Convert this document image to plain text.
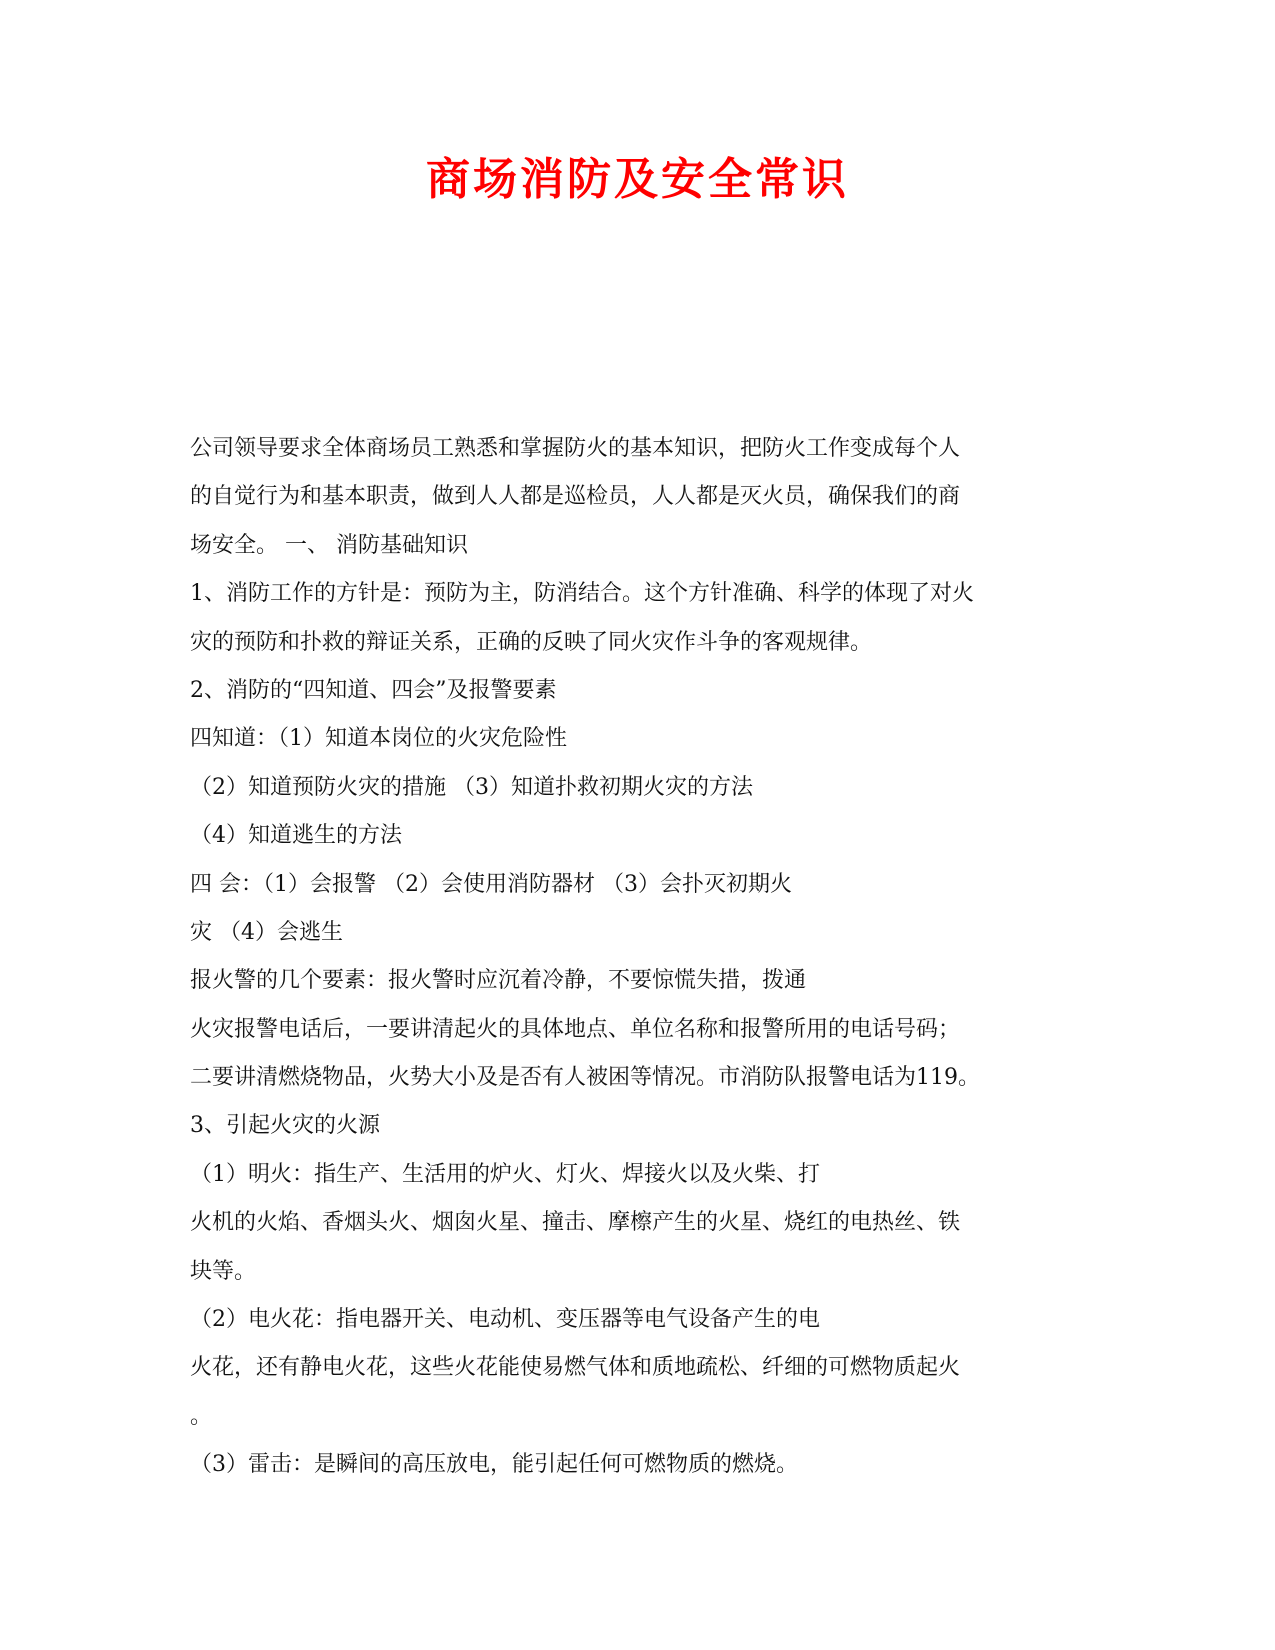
商场消防及安全常识
公司领导要求全体商场员工熟悉和掌握防火的基本知识，把防火工作变成每个人
的自觉行为和基本职责，做到人人都是巡检员，人人都是灭火员，确保我们的商
场安全。 一、 消防基础知识
1、消防工作的方针是：预防为主，防消结合。这个方针准确、科学的体现了对火
灾的预防和扑救的辩证关系，正确的反映了同火灾作斗争的客观规律。
2、消防的“四知道、四会”及报警要素
四知道：（1）知道本岗位的火灾危险性
（2）知道预防火灾的措施 （3）知道扑救初期火灾的方法
（4）知道逃生的方法
四 会：（1）会报警 （2）会使用消防器材 （3）会扑灭初期火
灾 （4）会逃生
报火警的几个要素：报火警时应沉着冷静，不要惊慌失措，拨通
火灾报警电话后，一要讲清起火的具体地点、单位名称和报警所用的电话号码；
二要讲清燃烧物品，火势大小及是否有人被困等情况。市消防队报警电话为119。
3、引起火灾的火源
（1）明火：指生产、生活用的炉火、灯火、焊接火以及火柴、打
火机的火焰、香烟头火、烟囱火星、撞击、摩檫产生的火星、烧红的电热丝、铁
块等。
（2）电火花：指电器开关、电动机、变压器等电气设备产生的电
火花，还有静电火花，这些火花能使易燃气体和质地疏松、纤细的可燃物质起火
。
（3）雷击：是瞬间的高压放电，能引起任何可燃物质的燃烧。
